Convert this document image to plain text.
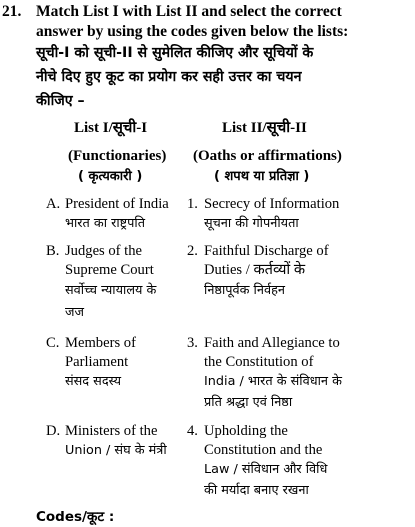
21. Match List I with List II and select the correct
answer by using the codes given below the lists:
सूची-I को सूची-II से सुमेलित कीजिए और सूचियों के
नीचे दिए हुए कूट का प्रयोग कर सही उत्तर का चयन
कीजिए –
List I/सूची-I
(Functionaries)
( कृत्यकारी )
List II/सूची-II
(Oaths or affirmations)
( शपथ या प्रतिज्ञा )
A. President of India
भारत का राष्ट्रपति
B. Judges of the
Supreme Court
सर्वोच्च न्यायालय के
जज
C. Members of
Parliament
संसद सदस्य
D. Ministers of the
Union / संघ के मंत्री
1. Secrecy of Information
सूचना की गोपनीयता
2. Faithful Discharge of
Duties / कर्तव्यों के
निष्ठापूर्वक निर्वहन
3. Faith and Allegiance to
the Constitution of
India / भारत के संविधान के
प्रति श्रद्धा एवं निष्ठा
4. Upholding the
Constitution and the
Law / संविधान और विधि
की मर्यादा बनाए रखना
Codes/कूट :
